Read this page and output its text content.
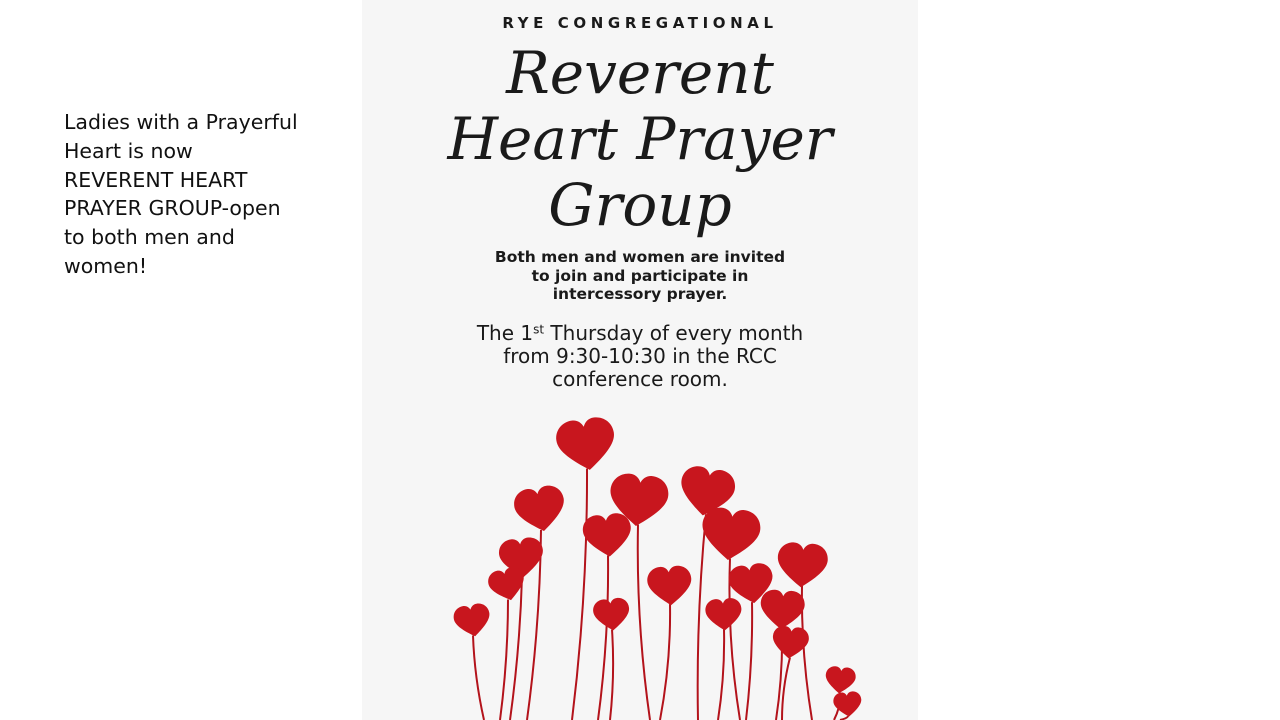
Ladies with a Prayerful
Heart is now
REVERENT HEART
PRAYER GROUP-open
to both men and
women!
RYE CONGREGATIONAL
Reverent
Heart Prayer
Group
Both men and women are invited
to join and participate in
intercessory prayer.
The 1st Thursday of every month
from 9:30-10:30 in the RCC
conference room.
